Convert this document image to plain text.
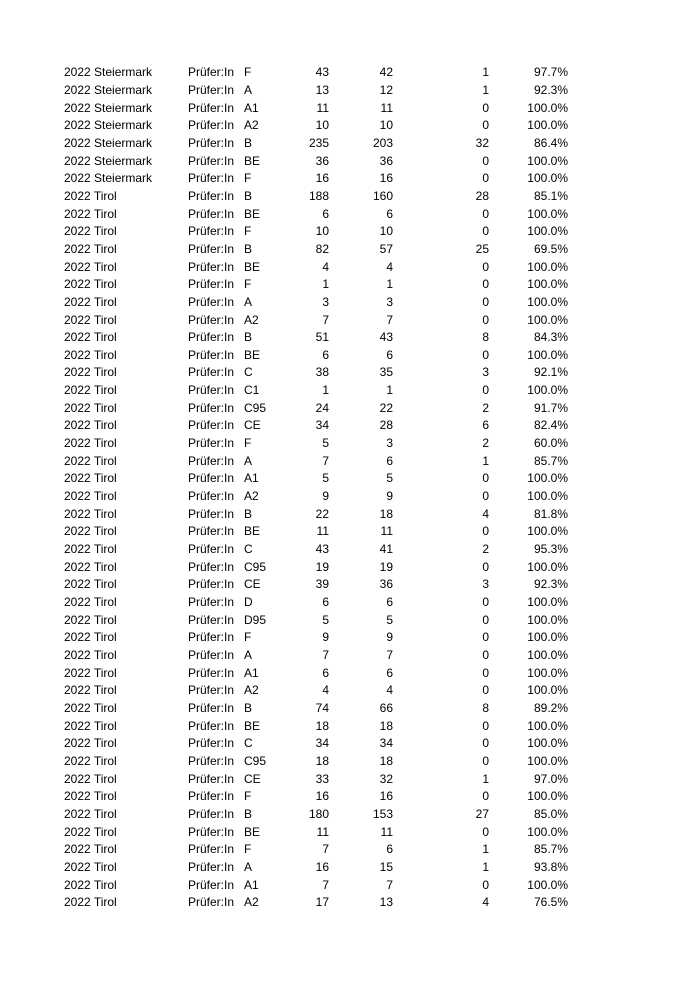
2022 Steiermark	Prüfer:In	F	43	42	1	97.7%
2022 Steiermark	Prüfer:In	A	13	12	1	92.3%
2022 Steiermark	Prüfer:In	A1	11	11	0	100.0%
2022 Steiermark	Prüfer:In	A2	10	10	0	100.0%
2022 Steiermark	Prüfer:In	B	235	203	32	86.4%
2022 Steiermark	Prüfer:In	BE	36	36	0	100.0%
2022 Steiermark	Prüfer:In	F	16	16	0	100.0%
2022 Tirol	Prüfer:In	B	188	160	28	85.1%
2022 Tirol	Prüfer:In	BE	6	6	0	100.0%
2022 Tirol	Prüfer:In	F	10	10	0	100.0%
2022 Tirol	Prüfer:In	B	82	57	25	69.5%
2022 Tirol	Prüfer:In	BE	4	4	0	100.0%
2022 Tirol	Prüfer:In	F	1	1	0	100.0%
2022 Tirol	Prüfer:In	A	3	3	0	100.0%
2022 Tirol	Prüfer:In	A2	7	7	0	100.0%
2022 Tirol	Prüfer:In	B	51	43	8	84.3%
2022 Tirol	Prüfer:In	BE	6	6	0	100.0%
2022 Tirol	Prüfer:In	C	38	35	3	92.1%
2022 Tirol	Prüfer:In	C1	1	1	0	100.0%
2022 Tirol	Prüfer:In	C95	24	22	2	91.7%
2022 Tirol	Prüfer:In	CE	34	28	6	82.4%
2022 Tirol	Prüfer:In	F	5	3	2	60.0%
2022 Tirol	Prüfer:In	A	7	6	1	85.7%
2022 Tirol	Prüfer:In	A1	5	5	0	100.0%
2022 Tirol	Prüfer:In	A2	9	9	0	100.0%
2022 Tirol	Prüfer:In	B	22	18	4	81.8%
2022 Tirol	Prüfer:In	BE	11	11	0	100.0%
2022 Tirol	Prüfer:In	C	43	41	2	95.3%
2022 Tirol	Prüfer:In	C95	19	19	0	100.0%
2022 Tirol	Prüfer:In	CE	39	36	3	92.3%
2022 Tirol	Prüfer:In	D	6	6	0	100.0%
2022 Tirol	Prüfer:In	D95	5	5	0	100.0%
2022 Tirol	Prüfer:In	F	9	9	0	100.0%
2022 Tirol	Prüfer:In	A	7	7	0	100.0%
2022 Tirol	Prüfer:In	A1	6	6	0	100.0%
2022 Tirol	Prüfer:In	A2	4	4	0	100.0%
2022 Tirol	Prüfer:In	B	74	66	8	89.2%
2022 Tirol	Prüfer:In	BE	18	18	0	100.0%
2022 Tirol	Prüfer:In	C	34	34	0	100.0%
2022 Tirol	Prüfer:In	C95	18	18	0	100.0%
2022 Tirol	Prüfer:In	CE	33	32	1	97.0%
2022 Tirol	Prüfer:In	F	16	16	0	100.0%
2022 Tirol	Prüfer:In	B	180	153	27	85.0%
2022 Tirol	Prüfer:In	BE	11	11	0	100.0%
2022 Tirol	Prüfer:In	F	7	6	1	85.7%
2022 Tirol	Prüfer:In	A	16	15	1	93.8%
2022 Tirol	Prüfer:In	A1	7	7	0	100.0%
2022 Tirol	Prüfer:In	A2	17	13	4	76.5%
